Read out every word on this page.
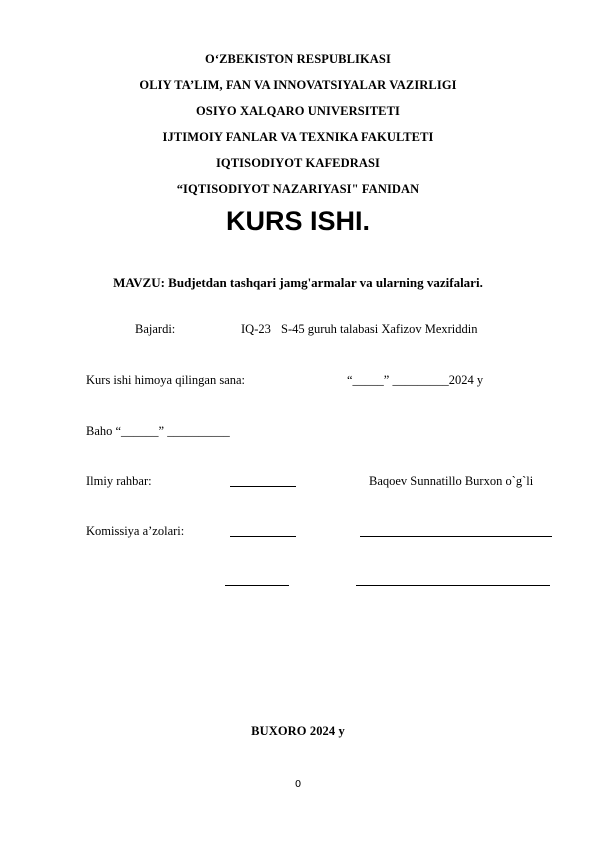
O‘ZBEKISTON RESPUBLIKASI
OLIY TA’LIM, FAN VA INNOVATSIYALAR VAZIRLIGI
OSIYO XALQARO UNIVERSITETI
IJTIMOIY FANLAR VA TEXNIKA FAKULTETI
IQTISODIYOT KAFEDRASI
“IQTISODIYOT NAZARIYASI" FANIDAN
KURS ISHI.
MAVZU: Budjetdan tashqari jamg'armalar va ularning vazifalari.
Bajardi:	IQ-23 S-45 guruh talabasi Xafizov Mexriddin
Kurs ishi himoya qilingan sana:	“_____” _________2024 y
Baho “______” __________
Ilmiy rahbar:	Baqoev Sunnatillo Burxon o`g`li
Komissiya a’zolari:
BUXORO 2024 y
0
